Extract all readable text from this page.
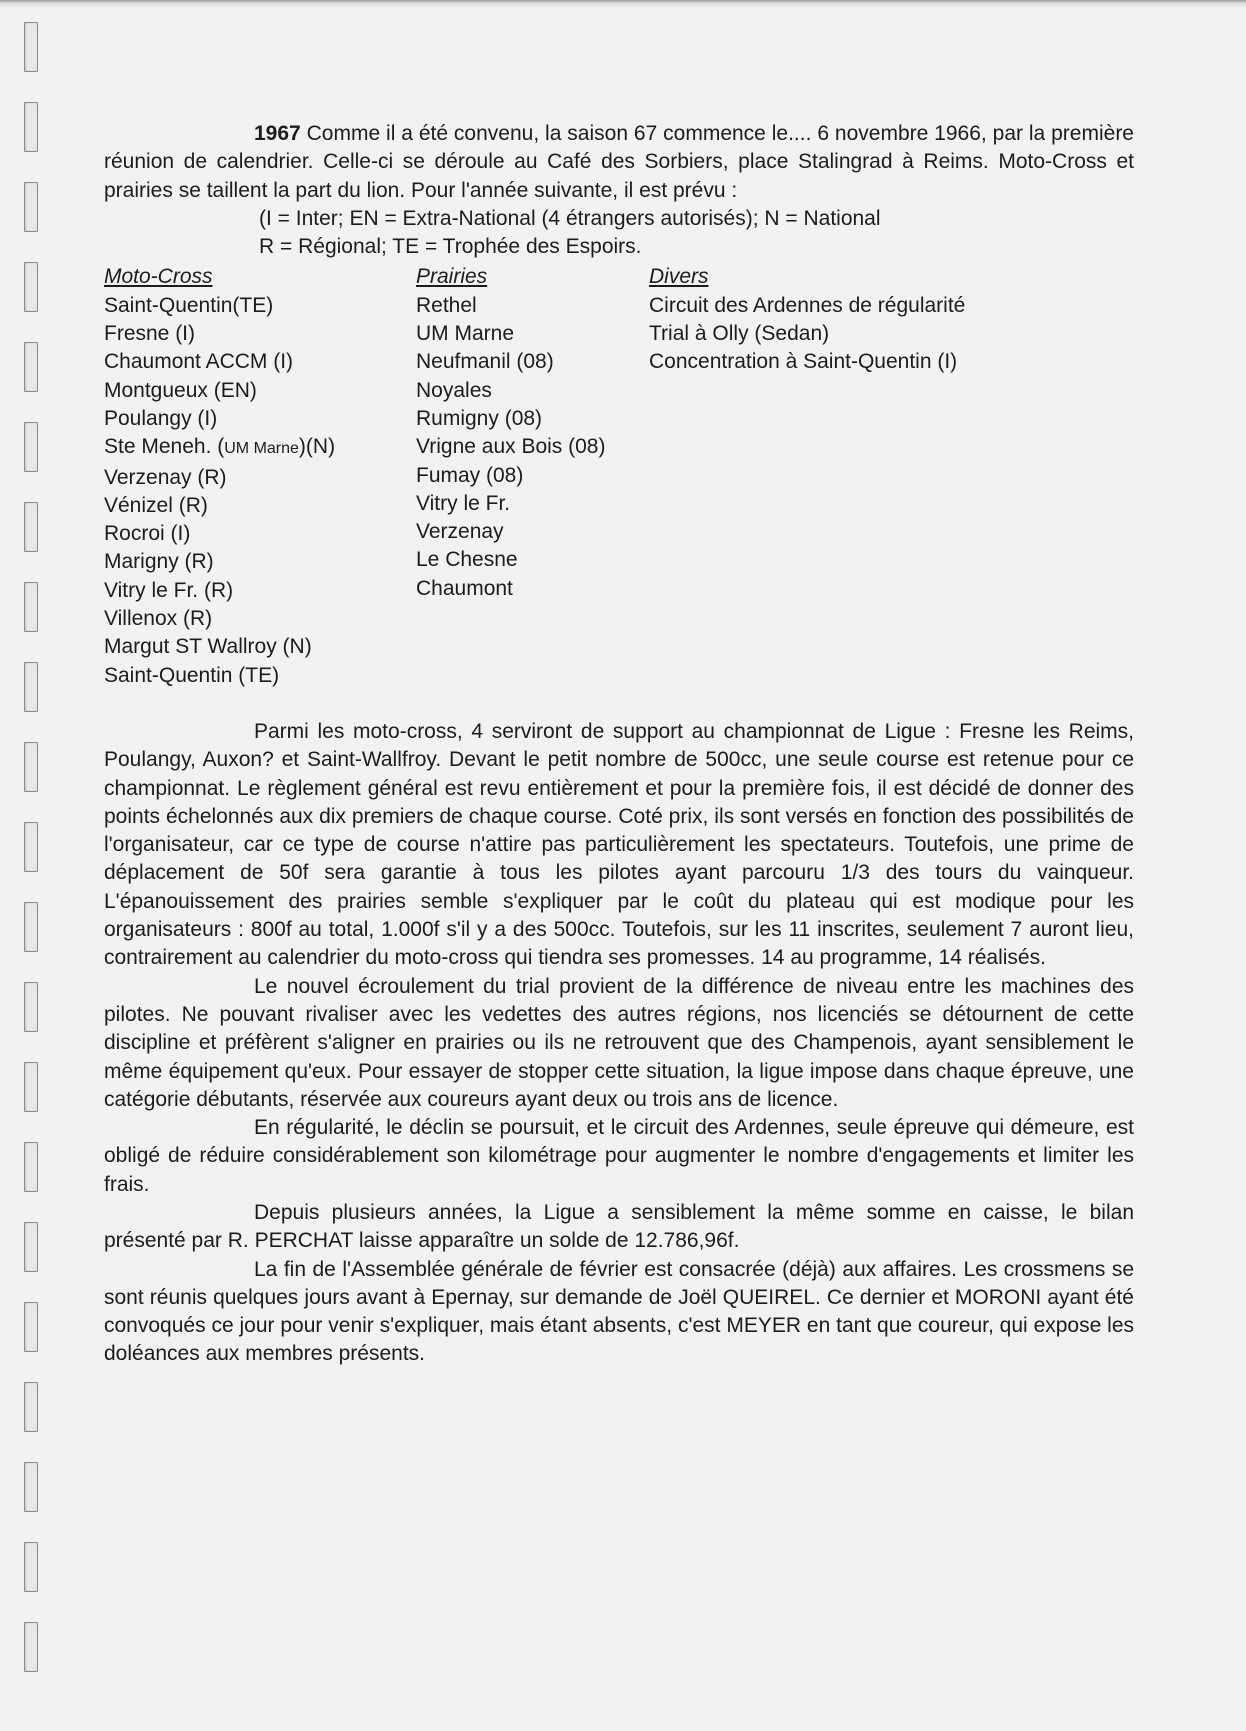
1967 Comme il a été convenu, la saison 67 commence le.... 6 novembre 1966, par la première réunion de calendrier. Celle-ci se déroule au Café des Sorbiers, place Stalingrad à Reims. Moto-Cross et prairies se taillent la part du lion. Pour l'année suivante, il est prévu :

(I = Inter; EN = Extra-National (4 étrangers autorisés); N = National

R = Régional; TE = Trophée des Espoirs.

Moto-Cross
Saint-Quentin(TE)
Fresne (I)
Chaumont ACCM (I)
Montgueux (EN)
Poulangy (I)
Ste Meneh. (UM Marne)(N)
Verzenay (R)
Vénizel (R)
Rocroi (I)
Marigny (R)
Vitry le Fr. (R)
Villenox (R)
Margut ST Wallroy (N)
Saint-Quentin (TE)
Prairies
Rethel
UM Marne
Neufmanil (08)
Noyales
Rumigny (08)
Vrigne aux Bois (08)
Fumay (08)
Vitry le Fr.
Verzenay
Le Chesne
Chaumont
Divers
Circuit des Ardennes de régularité
Trial à Olly (Sedan)
Concentration à Saint-Quentin (I)

Parmi les moto-cross, 4 serviront de support au championnat de Ligue : Fresne les Reims, Poulangy, Auxon? et Saint-Wallfroy. Devant le petit nombre de 500cc, une seule course est retenue pour ce championnat. Le règlement général est revu entièrement et pour la première fois, il est décidé de donner des points échelonnés aux dix premiers de chaque course. Coté prix, ils sont versés en fonction des possibilités de l'organisateur, car ce type de course n'attire pas particulièrement les spectateurs. Toutefois, une prime de déplacement de 50f sera garantie à tous les pilotes ayant parcouru 1/3 des tours du vainqueur. L'épanouissement des prairies semble s'expliquer par le coût du plateau qui est modique pour les organisateurs : 800f au total, 1.000f s'il y a des 500cc. Toutefois, sur les 11 inscrites, seulement 7 auront lieu, contrairement au calendrier du moto-cross qui tiendra ses promesses. 14 au programme, 14 réalisés.

Le nouvel écroulement du trial provient de la différence de niveau entre les machines des pilotes. Ne pouvant rivaliser avec les vedettes des autres régions, nos licenciés se détournent de cette discipline et préfèrent s'aligner en prairies ou ils ne retrouvent que des Champenois, ayant sensiblement le même équipement qu'eux. Pour essayer de stopper cette situation, la ligue impose dans chaque épreuve, une catégorie débutants, réservée aux coureurs ayant deux ou trois ans de licence.

En régularité, le déclin se poursuit, et le circuit des Ardennes, seule épreuve qui démeure, est obligé de réduire considérablement son kilométrage pour augmenter le nombre d'engagements et limiter les frais.

Depuis plusieurs années, la Ligue a sensiblement la même somme en caisse, le bilan présenté par R. PERCHAT laisse apparaître un solde de 12.786,96f.

La fin de l'Assemblée générale de février est consacrée (déjà) aux affaires. Les crossmens se sont réunis quelques jours avant à Epernay, sur demande de Joël QUEIREL. Ce dernier et MORONI ayant été convoqués ce jour pour venir s'expliquer, mais étant absents, c'est MEYER en tant que coureur, qui expose les doléances aux membres présents.
